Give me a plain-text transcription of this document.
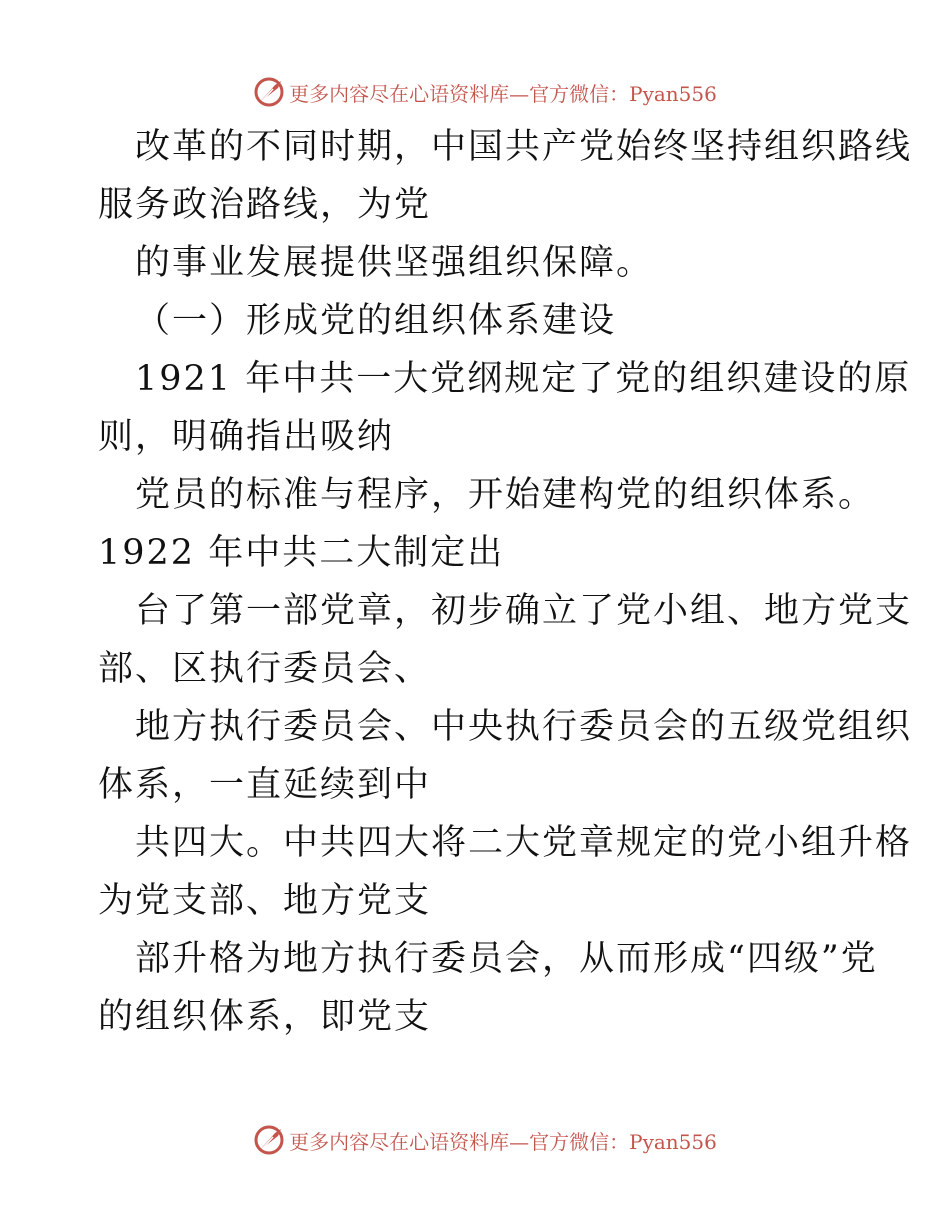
更多内容尽在心语资料库—官方微信：Pyan556
改革的不同时期，中国共产党始终坚持组织路线
服务政治路线，为党
的事业发展提供坚强组织保障。
（一）形成党的组织体系建设
1921 年中共一大党纲规定了党的组织建设的原
则，明确指出吸纳
党员的标准与程序，开始建构党的组织体系。
1922 年中共二大制定出
台了第一部党章，初步确立了党小组、地方党支
部、区执行委员会、
地方执行委员会、中央执行委员会的五级党组织
体系，一直延续到中
共四大。中共四大将二大党章规定的党小组升格
为党支部、地方党支
部升格为地方执行委员会，从而形成“四级”党
的组织体系，即党支
更多内容尽在心语资料库—官方微信：Pyan556
